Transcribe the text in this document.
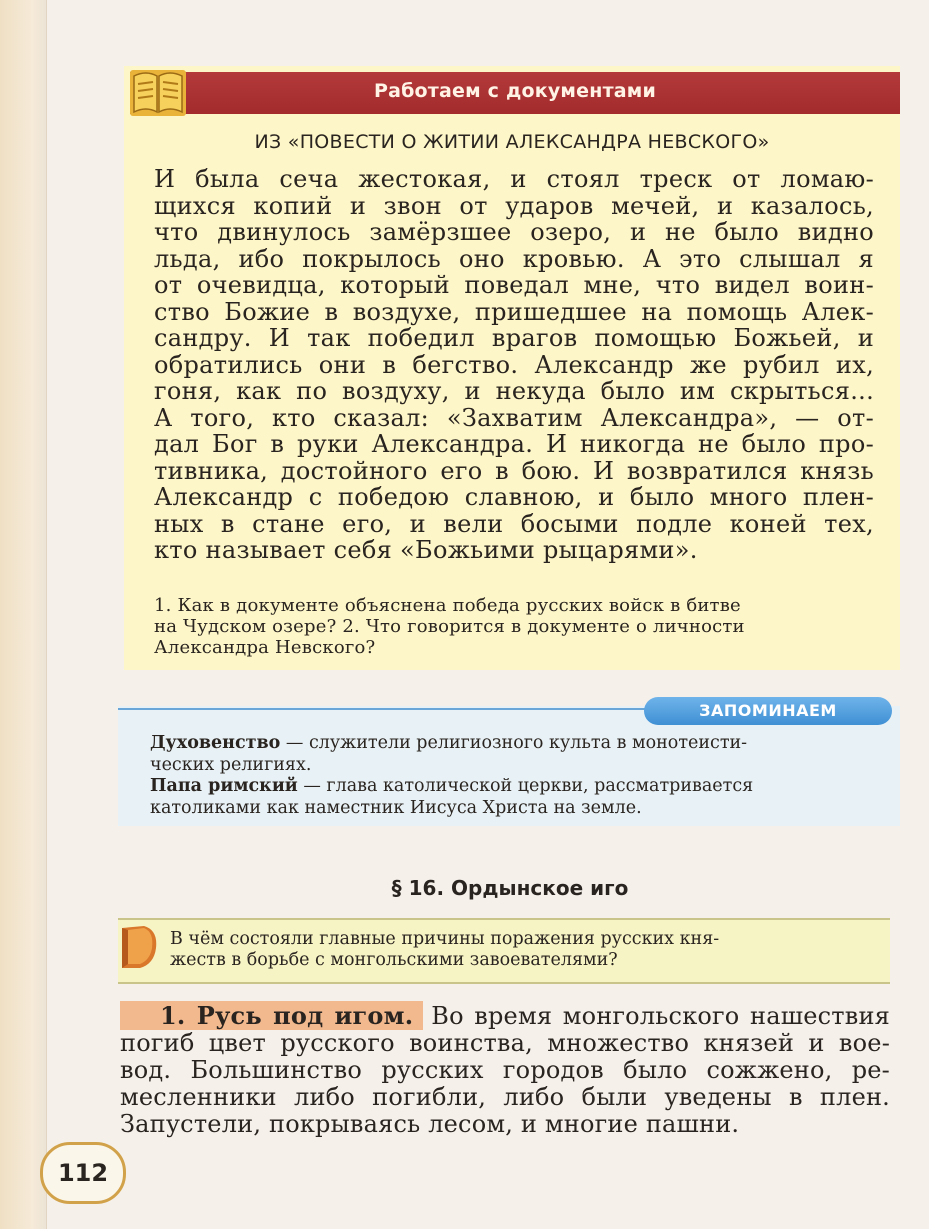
Работаем с документами
ИЗ «ПОВЕСТИ О ЖИТИИ АЛЕКСАНДРА НЕВСКОГО»
И была сеча жестокая, и стоял треск от ломаю-
щихся копий и звон от ударов мечей, и казалось,
что двинулось замёрзшее озеро, и не было видно
льда, ибо покрылось оно кровью. А это слышал я
от очевидца, который поведал мне, что видел воин-
ство Божие в воздухе, пришедшее на помощь Алек-
сандру. И так победил врагов помощью Божьей, и
обратились они в бегство. Александр же рубил их,
гоня, как по воздуху, и некуда было им скрыться...
А того, кто сказал: «Захватим Александра», — от-
дал Бог в руки Александра. И никогда не было про-
тивника, достойного его в бою. И возвратился князь
Александр с победою славною, и было много плен-
ных в стане его, и вели босыми подле коней тех,
кто называет себя «Божьими рыцарями».
1. Как в документе объяснена победа русских войск в битве
на Чудском озере? 2. Что говорится в документе о личности
Александра Невского?
ЗАПОМИНАЕМ
Духовенство — служители религиозного культа в монотеисти-
ческих религиях.
Папа римский — глава католической церкви, рассматривается
католиками как наместник Иисуса Христа на земле.
§ 16. Ордынское иго
В чём состояли главные причины поражения русских кня-
жеств в борьбе с монгольскими завоевателями?
1. Русь под игом. Во время монгольского нашествия
погиб цвет русского воинства, множество князей и вое-
вод. Большинство русских городов было сожжено, ре-
месленники либо погибли, либо были уведены в плен.
Запустели, покрываясь лесом, и многие пашни.
112
